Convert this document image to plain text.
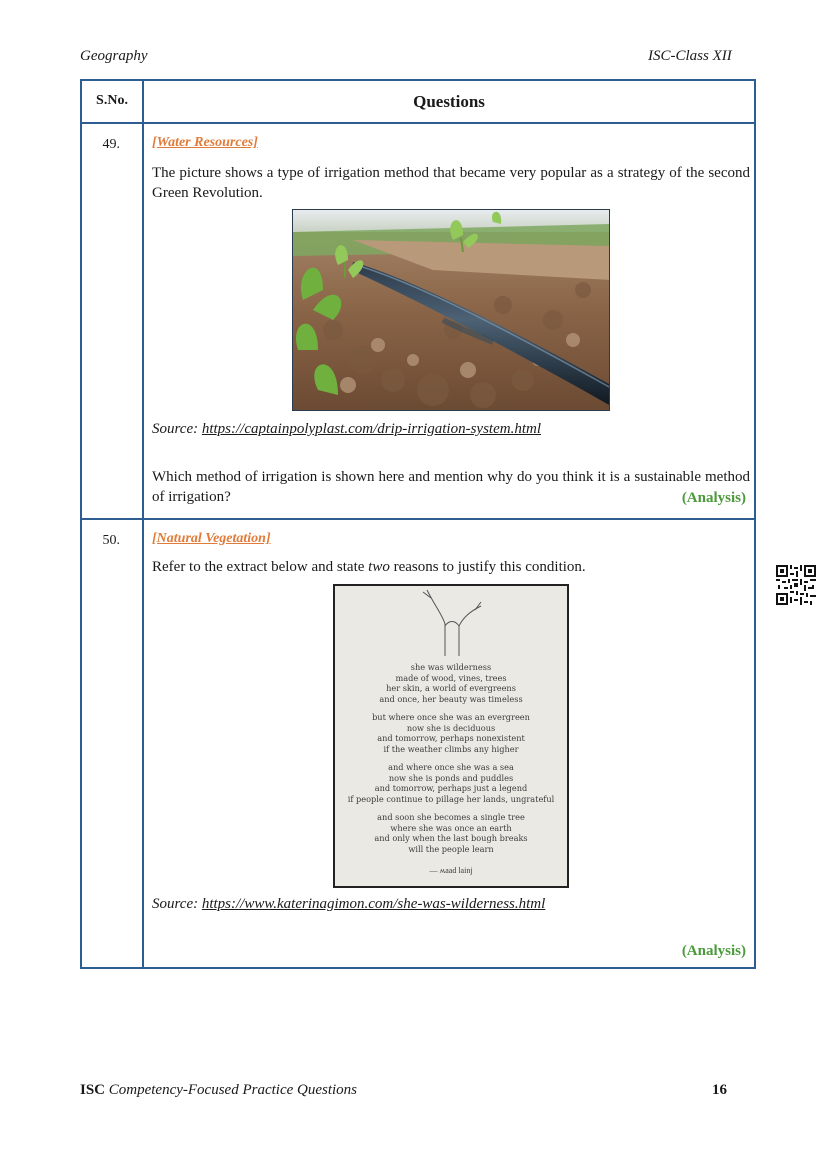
Geography	ISC-Class XII
S.No.	Questions
49.	[Water Resources]
The picture shows a type of irrigation method that became very popular as a strategy of the second Green Revolution.
Source: https://captainpolyplast.com/drip-irrigation-system.html
Which method of irrigation is shown here and mention why do you think it is a sustainable method of irrigation?	(Analysis)
50.	[Natural Vegetation]
Refer to the extract below and state two reasons to justify this condition.
she was wilderness
made of wood, vines, trees
her skin, a world of evergreens
and once, her beauty was timeless
but where once she was an evergreen
now she is deciduous
and tomorrow, perhaps nonexistent
if the weather climbs any higher
and where once she was a sea
now she is ponds and puddles
and tomorrow, perhaps just a legend
if people continue to pillage her lands, ungrateful
and soon she becomes a single tree
where she was once an earth
and only when the last bough breaks
will the people learn
— ʍaad lainj
Source: https://www.katerinagimon.com/she-was-wilderness.html
(Analysis)
ISC Competency-Focused Practice Questions	16
